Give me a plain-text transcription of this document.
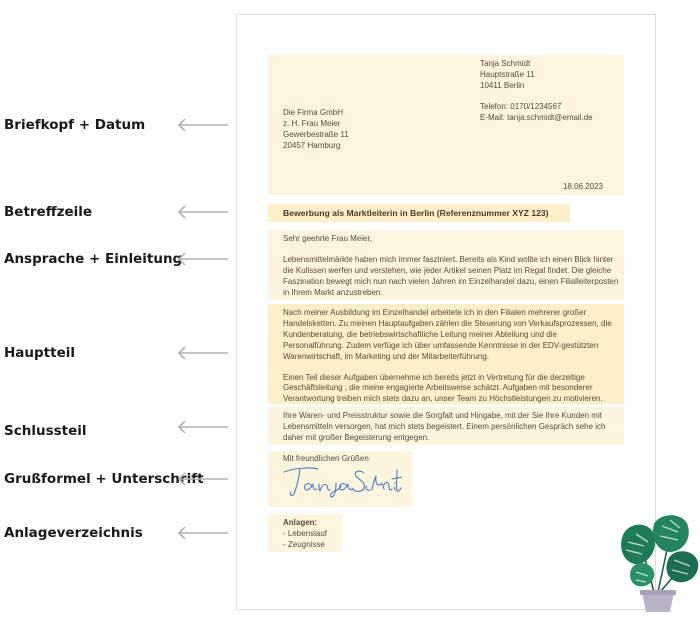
Briefkopf + Datum
Betreffzeile
Ansprache + Einleitung
Hauptteil
Schlussteil
Grußformel + Unterschrift
Anlageverzeichnis
Tanja Schmidt
Hauptstraße 11
10411 Berlin
Telefon: 0170/1234567
E-Mail: tanja.schmidt@email.de
Die Firma GmbH
z. H. Frau Meier
Gewerbestraße 11
20457 Hamburg
18.06.2023
Bewerbung als Marktleiterin in Berlin (Referenznummer XYZ 123)
Sehr geehrte Frau Meier,
Lebensmittelmärkte haben mich immer fasziniert. Bereits als Kind wollte ich einen Blick hinter
die Kulissen werfen und verstehen, wie jeder Artikel seinen Platz im Regal findet. Die gleiche
Faszination bewegt mich nun nach vielen Jahren im Einzelhandel dazu, einen Filialleiterposten
in Ihrem Markt anzustreben.
Nach meiner Ausbildung im Einzelhandel arbeitete ich in den Filialen mehrerer großer
Handelsketten. Zu meinen Hauptaufgaben zählen die Steuerung von Verkaufsprozessen, die
Kundenberatung, die betriebswirtschaftliche Leitung meiner Abteilung und die
Personalführung. Zudem verfüge ich über umfassende Kenntnisse in der EDV-gestützten
Warenwirtschaft, im Marketing und der Mitarbeiterführung.
Einen Teil dieser Aufgaben übernehme ich bereits jetzt in Vertretung für die derzeitige
Geschäftsleitung , die meine engagierte Arbeitsweise schätzt. Aufgaben mit besonderer
Verantwortung treiben mich stets dazu an, unser Team zu Höchstleistungen zu motivieren.
Ihre Waren- und Preisstruktur sowie die Sorgfalt und Hingabe, mit der Sie Ihre Kunden mit
Lebensmitteln versorgen, hat mich stets begeistert. Einem persönlichen Gespräch sehe ich
daher mit großer Begeisterung entgegen.
Mit freundlichen Grüßen
Anlagen:
- Lebenslauf
- Zeugnisse
